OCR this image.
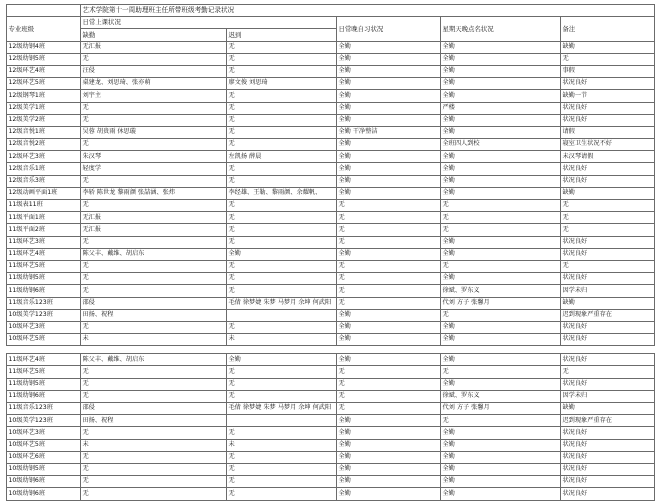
	艺术学院第十一周助理班主任所带班级考勤记录状况				
专业班级	日常上课状况		日常晚自习状况	星期天晚点名状况	备注
	缺勤	迟到			
12级幼钢4班	无汇报	无	全勤	全勤	缺勤
12级幼钢5班	无	无	全勤	全勤	无
12级环艺4班	汪侵	无	全勤	全勤	事假
12级环艺5班	桌建龙、刘思琦、张亦萌	廖文俊 刘思琦	全勤	全勤	状况良好
12级钢琴1班	刘宇主	无	全勤	全勤	缺勤一节
12级美学1班	无	无	全勤	严楼	状况良好
12级美学2班	无	无	全勤	全勤	状况良好
12级音悦1班	吴蓉 胡贵雨 休思璇	无	全勤 干净整洁	全勤	请假
12级音悦2班	无	无	全勤	全班四人到校	寝室卫生状况不好
12级环艺3班	朱汉琴	左凯扬 薛晨	全勤	全勤	未汉琴请假
12级音乐1班	轻度学	无	全勤	全勤	状况良好
12级音乐3班	无	无	全勤	全勤	状况良好
12级动画平面1班	李轿 陈世龙 黎雨颜 张喆涵、张炜	李经雄、王勒、黎雨颜、余耀帆、	全勤	全勤	缺勤
11级表11班	无	无	无	无	无
11级平面1班	无汇报	无	无	无	无
11级平面2班	无汇报	无	无	无	无
11级环艺3班	无	无	无	全勤	状况良好
11级环艺4班	陈父丰、戴维、胡启东	全勤	全勤	全勤	状况良好
11级环艺5班	无	无	无	无	无
11级幼钢5班	无	无	无	全勤	状况良好
11级幼钢6班	无	无	无	徐斌、罗东义	因学未归
11级音乐123班	邵侵	毛倩 徐梦婕 朱梦 马梦月 余坤 何武阳	无	代刘 方子 张馨月	缺勤
10级美学123班	田扬、祝程		全勤	无	迟到现象严重存在
10级环艺3班	无	无	全勤	全勤	状况良好
10级环艺5班	未	未	全勤	全勤	状况良好
11级环艺4班	陈父丰、戴维、胡启东	全勤	全勤	全勤	状况良好
11级环艺5班	无	无	无	无	无
11级幼钢5班	无	无	无	全勤	状况良好
11级幼钢6班	无	无	无	徐斌、罗东义	因学未归
11级音乐123班	邵侵	毛倩 徐梦婕 朱梦 马梦月 余坤 何武阳	无	代刘 方子 张馨月	缺勤
10级美学123班	田扬、祝程		全勤	无	迟到现象严重存在
10级环艺3班	无	无	全勤	全勤	状况良好
10级环艺5班	未	未	全勤	全勤	状况良好
10级环艺6班	无	无	全勤	全勤	状况良好
10级幼钢5班	无	无	全勤	全勤	状况良好
10级幼钢6班	无	无	全勤	全勤	状况良好
10级幼钢6班	无	无	全勤	全勤	状况良好
